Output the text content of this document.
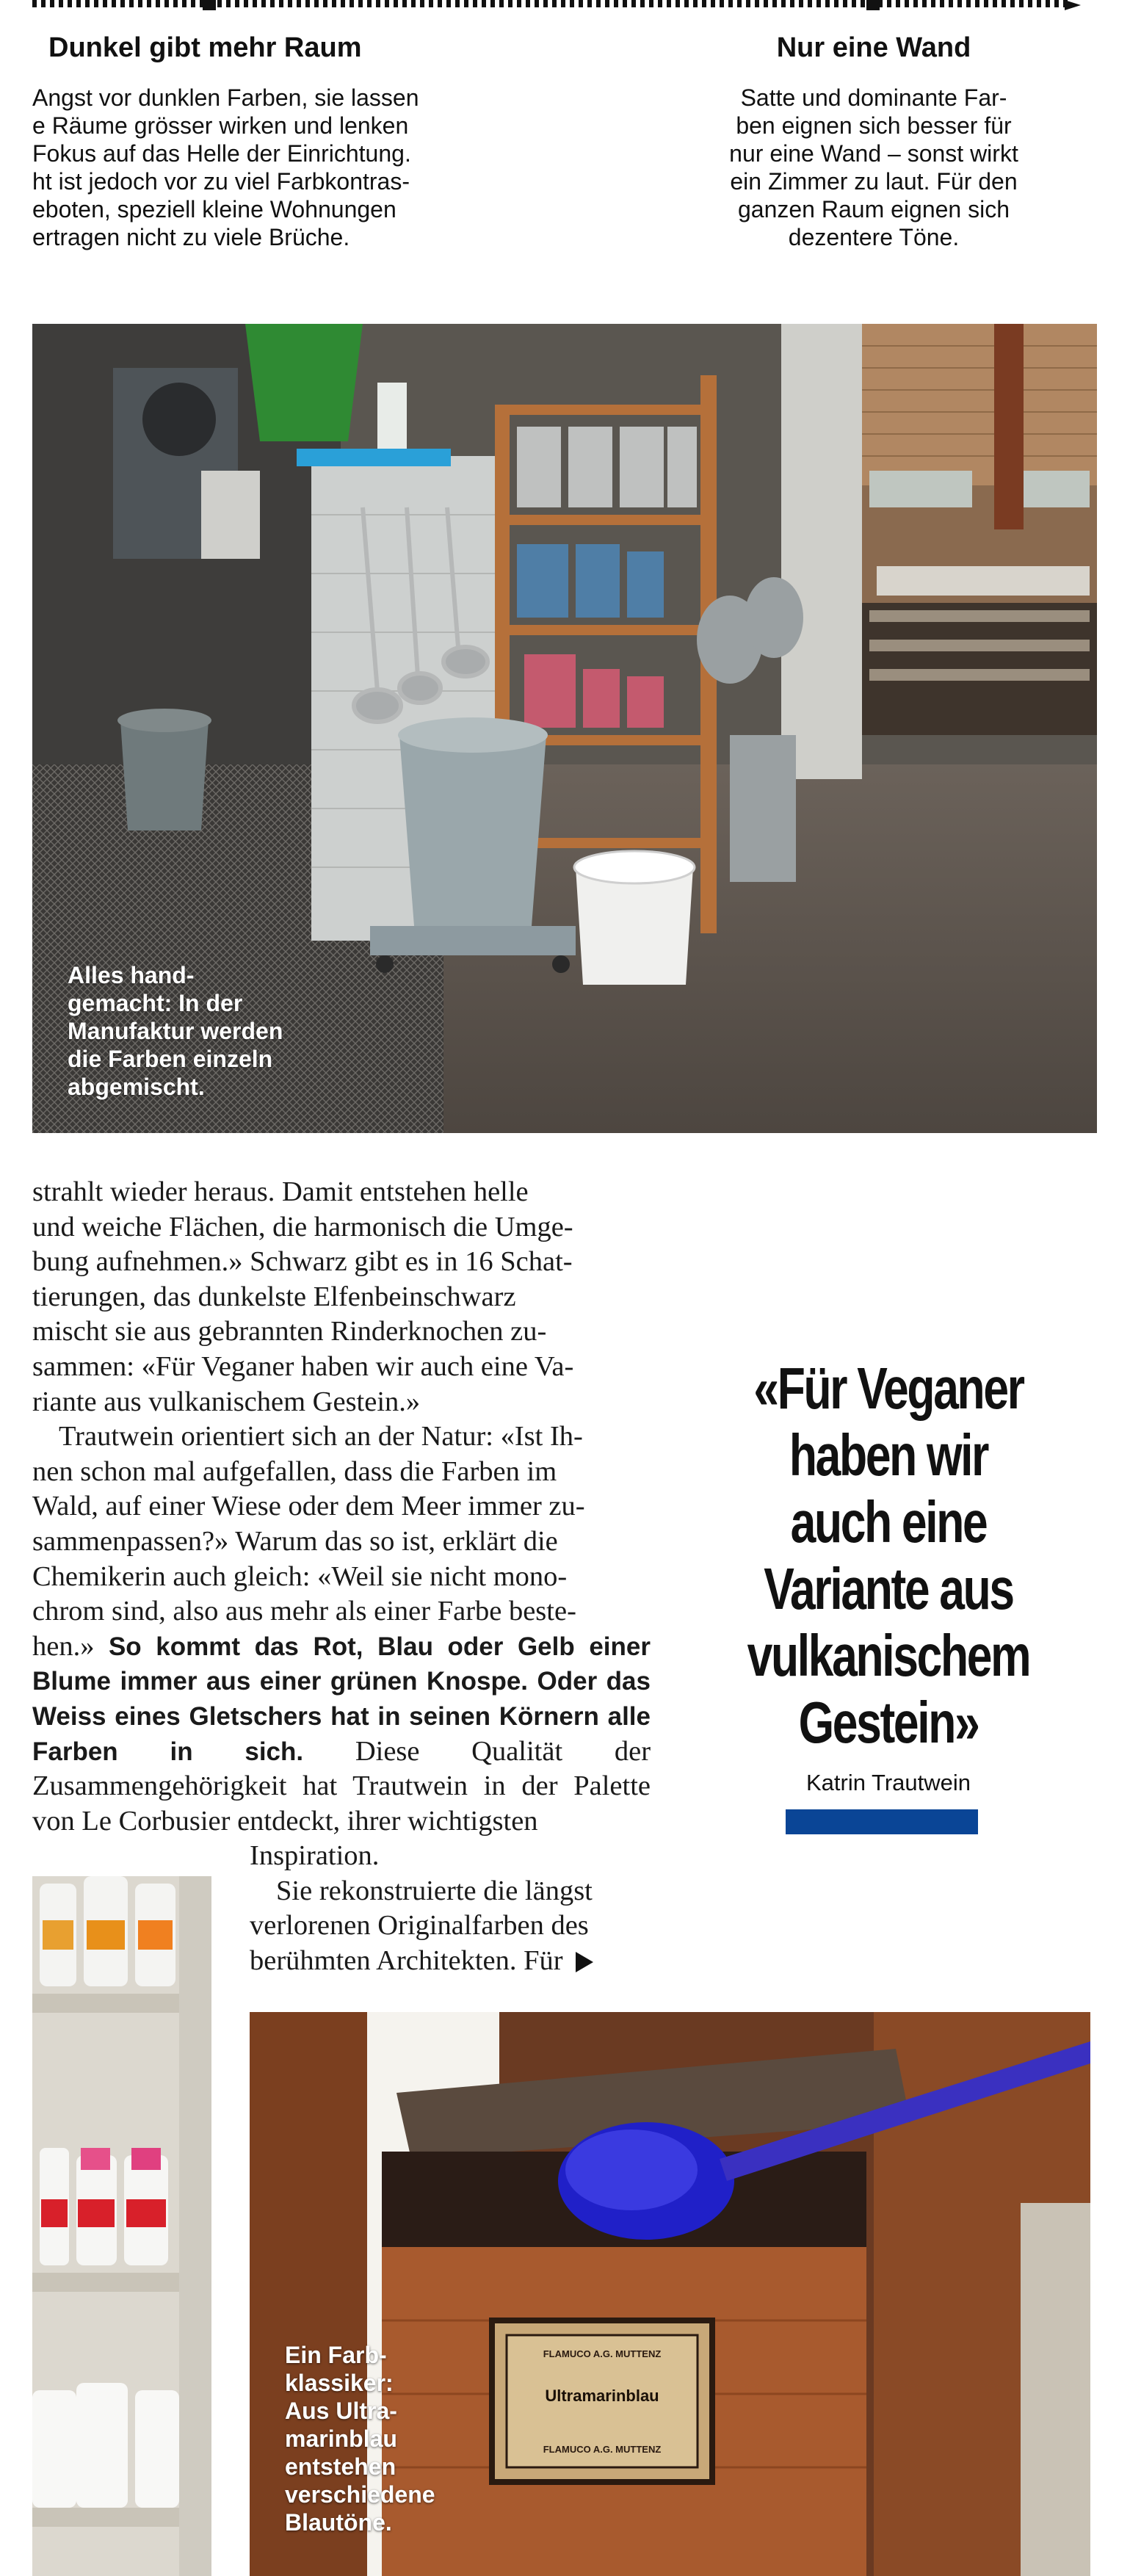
Dunkel gibt mehr Raum
Angst vor dunklen Farben, sie lassen
e Räume grösser wirken und lenken
Fokus auf das Helle der Einrichtung.
ht ist jedoch vor zu viel Farbkontras-
eboten, speziell kleine Wohnungen
ertragen nicht zu viele Brüche.
Nur eine Wand
Satte und dominante Far-
ben eignen sich besser für
nur eine Wand – sonst wirkt
ein Zimmer zu laut. Für den
ganzen Raum eignen sich
dezentere Töne.
Alles hand-
gemacht: In der
Manufaktur werden
die Farben einzeln
abgemischt.
strahlt wieder heraus. Damit entstehen helle
und weiche Flächen, die harmonisch die Umge-
bung aufnehmen.» Schwarz gibt es in 16 Schat-
tierungen, das dunkelste Elfenbeinschwarz
mischt sie aus gebrannten Rinderknochen zu-
sammen: «Für Veganer haben wir auch eine Va-
riante aus vulkanischem Gestein.»
Trautwein orientiert sich an der Natur: «Ist Ih-
nen schon mal aufgefallen, dass die Farben im
Wald, auf einer Wiese oder dem Meer immer zu-
sammenpassen?» Warum das so ist, erklärt die
Chemikerin auch gleich: «Weil sie nicht mono-
chrom sind, also aus mehr als einer Farbe beste-

hen.» So kommt das Rot, Blau oder Gelb einer Blume immer aus einer grünen Knospe. Oder das Weiss eines Gletschers hat in seinen Körnern alle Farben in sich. Diese Qualität der Zusammengehörigkeit hat Trautwein in der Palette von Le Corbusier entdeckt, ihrer wichtigsten

Inspiration.
Sie rekonstruierte die längst
verlorenen Originalfarben des
berühmten Architekten. Für
«Für Veganer
haben wir
auch eine
Variante aus
vulkanischem
Gestein»
Katrin Trautwein
FLAMUCO A.G. MUTTENZ
Ultramarinblau
FLAMUCO A.G. MUTTENZ
Ein Farb-
klassiker:
Aus Ultra-
marinblau
entstehen
verschiedene
Blautöne.
